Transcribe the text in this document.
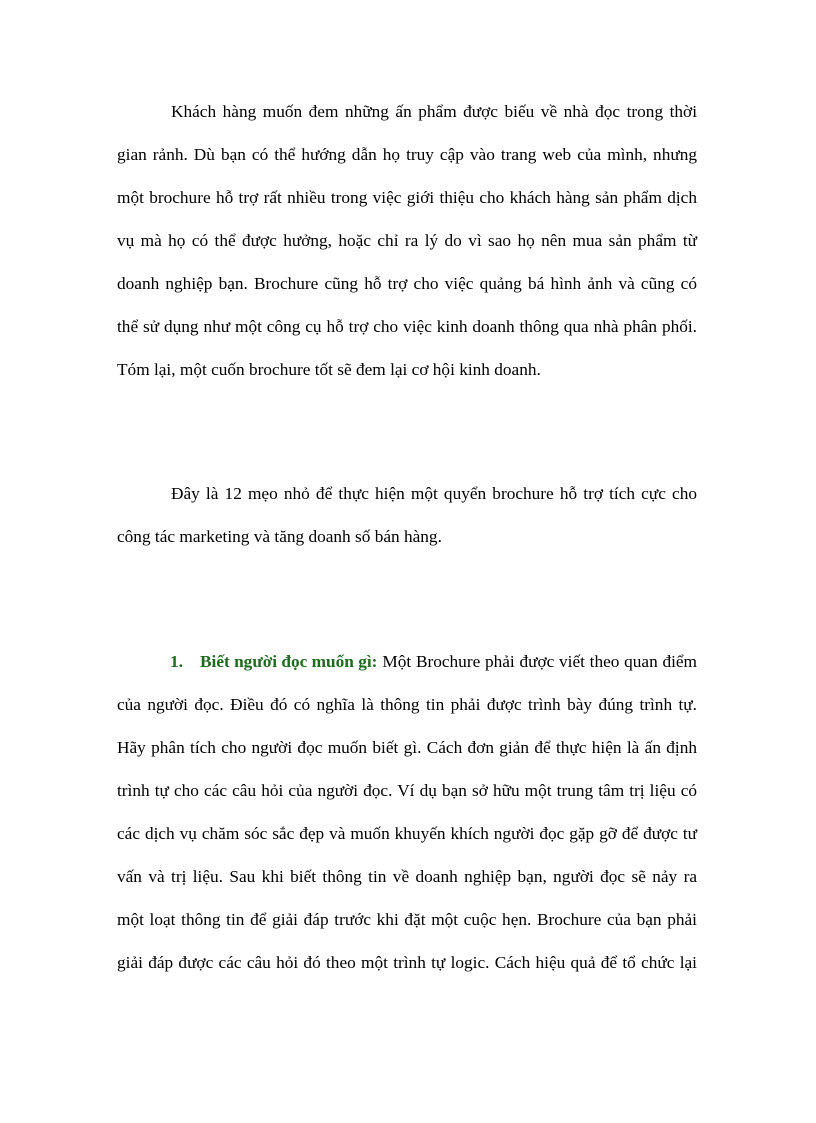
Khách hàng muốn đem những ấn phẩm được biếu về nhà đọc trong thời
gian rảnh. Dù bạn có thể hướng dẫn họ truy cập vào trang web của mình, nhưng
một brochure hỗ trợ rất nhiều trong việc giới thiệu cho khách hàng sản phẩm dịch
vụ mà họ có thể được hưởng, hoặc chỉ ra lý do vì sao họ nên mua sản phẩm từ
doanh nghiệp bạn. Brochure cũng hỗ trợ cho việc quảng bá hình ảnh và cũng có
thể sử dụng như một công cụ hỗ trợ cho việc kinh doanh thông qua nhà phân phối.
Tóm lại, một cuốn brochure tốt sẽ đem lại cơ hội kinh doanh.
Đây là 12 mẹo nhỏ để thực hiện một quyển brochure hỗ trợ tích cực cho
công tác marketing và tăng doanh số bán hàng.
1. Biết người đọc muốn gì: Một Brochure phải được viết theo quan điểm
của người đọc. Điều đó có nghĩa là thông tin phải được trình bày đúng trình tự.
Hãy phân tích cho người đọc muốn biết gì. Cách đơn giản để thực hiện là ấn định
trình tự cho các câu hỏi của người đọc. Ví dụ bạn sở hữu một trung tâm trị liệu có
các dịch vụ chăm sóc sắc đẹp và muốn khuyến khích người đọc gặp gỡ để được tư
vấn và trị liệu. Sau khi biết thông tin về doanh nghiệp bạn, người đọc sẽ nảy ra
một loạt thông tin để giải đáp trước khi đặt một cuộc hẹn. Brochure của bạn phải
giải đáp được các câu hỏi đó theo một trình tự logic. Cách hiệu quả để tổ chức lại
